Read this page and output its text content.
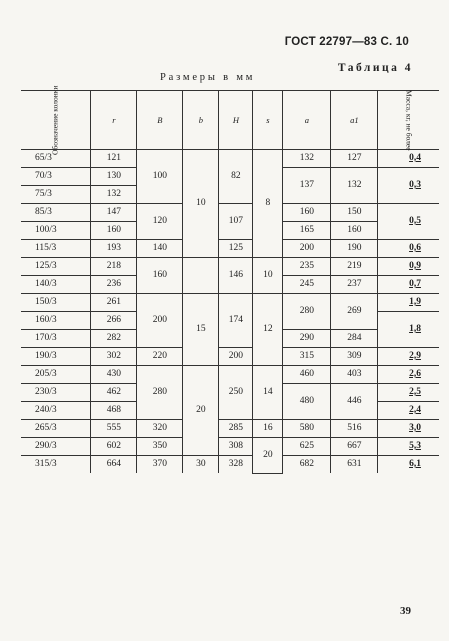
ГОСТ 22797—83 С. 10
Таблица 4
Размеры в мм
Обозначение колонки	r	B	b	H	s	a	a1	Масса, кг, не более

65/3	121	100	10	82	8	132	127	0,4
70/3	130					137	132	0,3
75/3	132							
85/3	147	120		107		160	150	0,5
100/3	160					165	160	
115/3	193	140		125		200	190	0,6
125/3	218	160		146	10	235	219	0,9
140/3	236					245	237	0,7
150/3	261	200	15	174	12	280	269	1,9
160/3	266							1,8
170/3	282					290	284	
190/3	302	220		200		315	309	2,9
205/3	430	280	20	250	14	460	403	2,6
230/3	462					480	446	2,5
240/3	468							2,4
265/3	555	320		285	16	580	516	3,0
290/3	602	350		308	20	625	667	5,3
315/3	664	370	30	328		682	631	6,1
39
